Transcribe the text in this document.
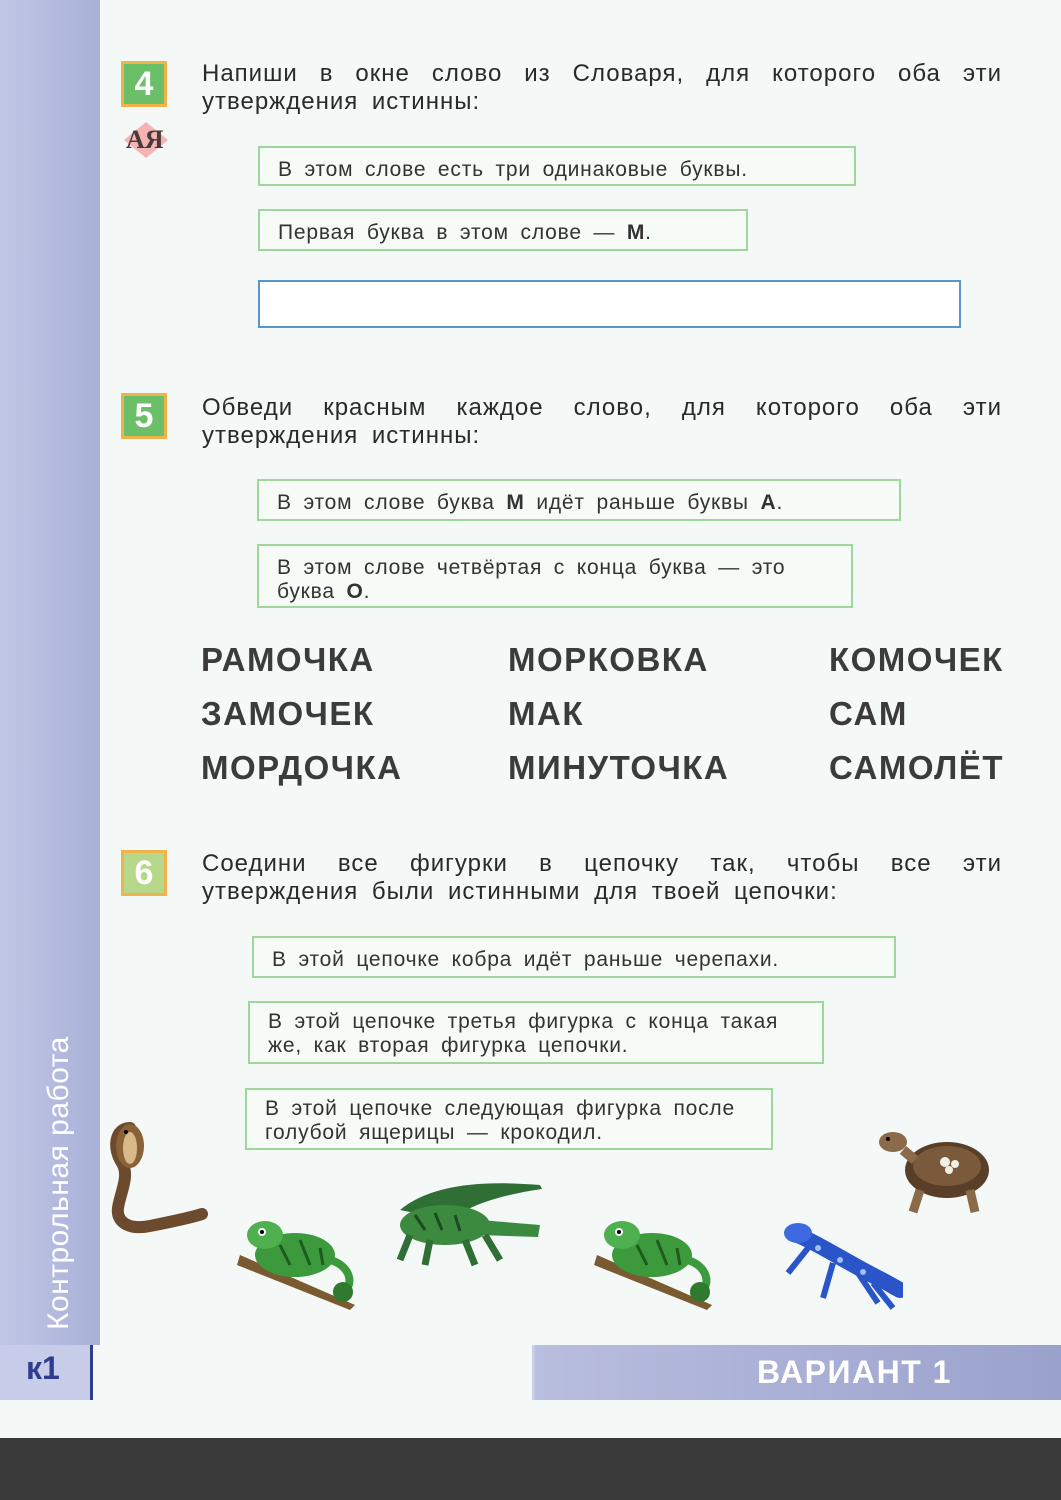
Контрольная работа
4
АЯ
Напиши в окне слово из Словаря, для которого оба эти утверждения истинны:
В этом слове есть три одинаковые буквы.
Первая буква в этом слове — М.
5	Обведи красным каждое слово, для которого оба эти утверждения истинны:
В этом слове буква М идёт раньше буквы А.
В этом слове четвёртая с конца буква — это буква О.
РАМОЧКА	МОРКОВКА	КОМОЧЕК
ЗАМОЧЕК	МАК	САМ
МОРДОЧКА	МИНУТОЧКА	САМОЛЁТ
6	Соедини все фигурки в цепочку так, чтобы все эти утверждения были истинными для твоей цепочки:
В этой цепочке кобра идёт раньше черепахи.
В этой цепочке третья фигурка с конца такая же, как вторая фигурка цепочки.
В этой цепочке следующая фигурка после голубой ящерицы — крокодил.
к1	ВАРИАНТ 1
